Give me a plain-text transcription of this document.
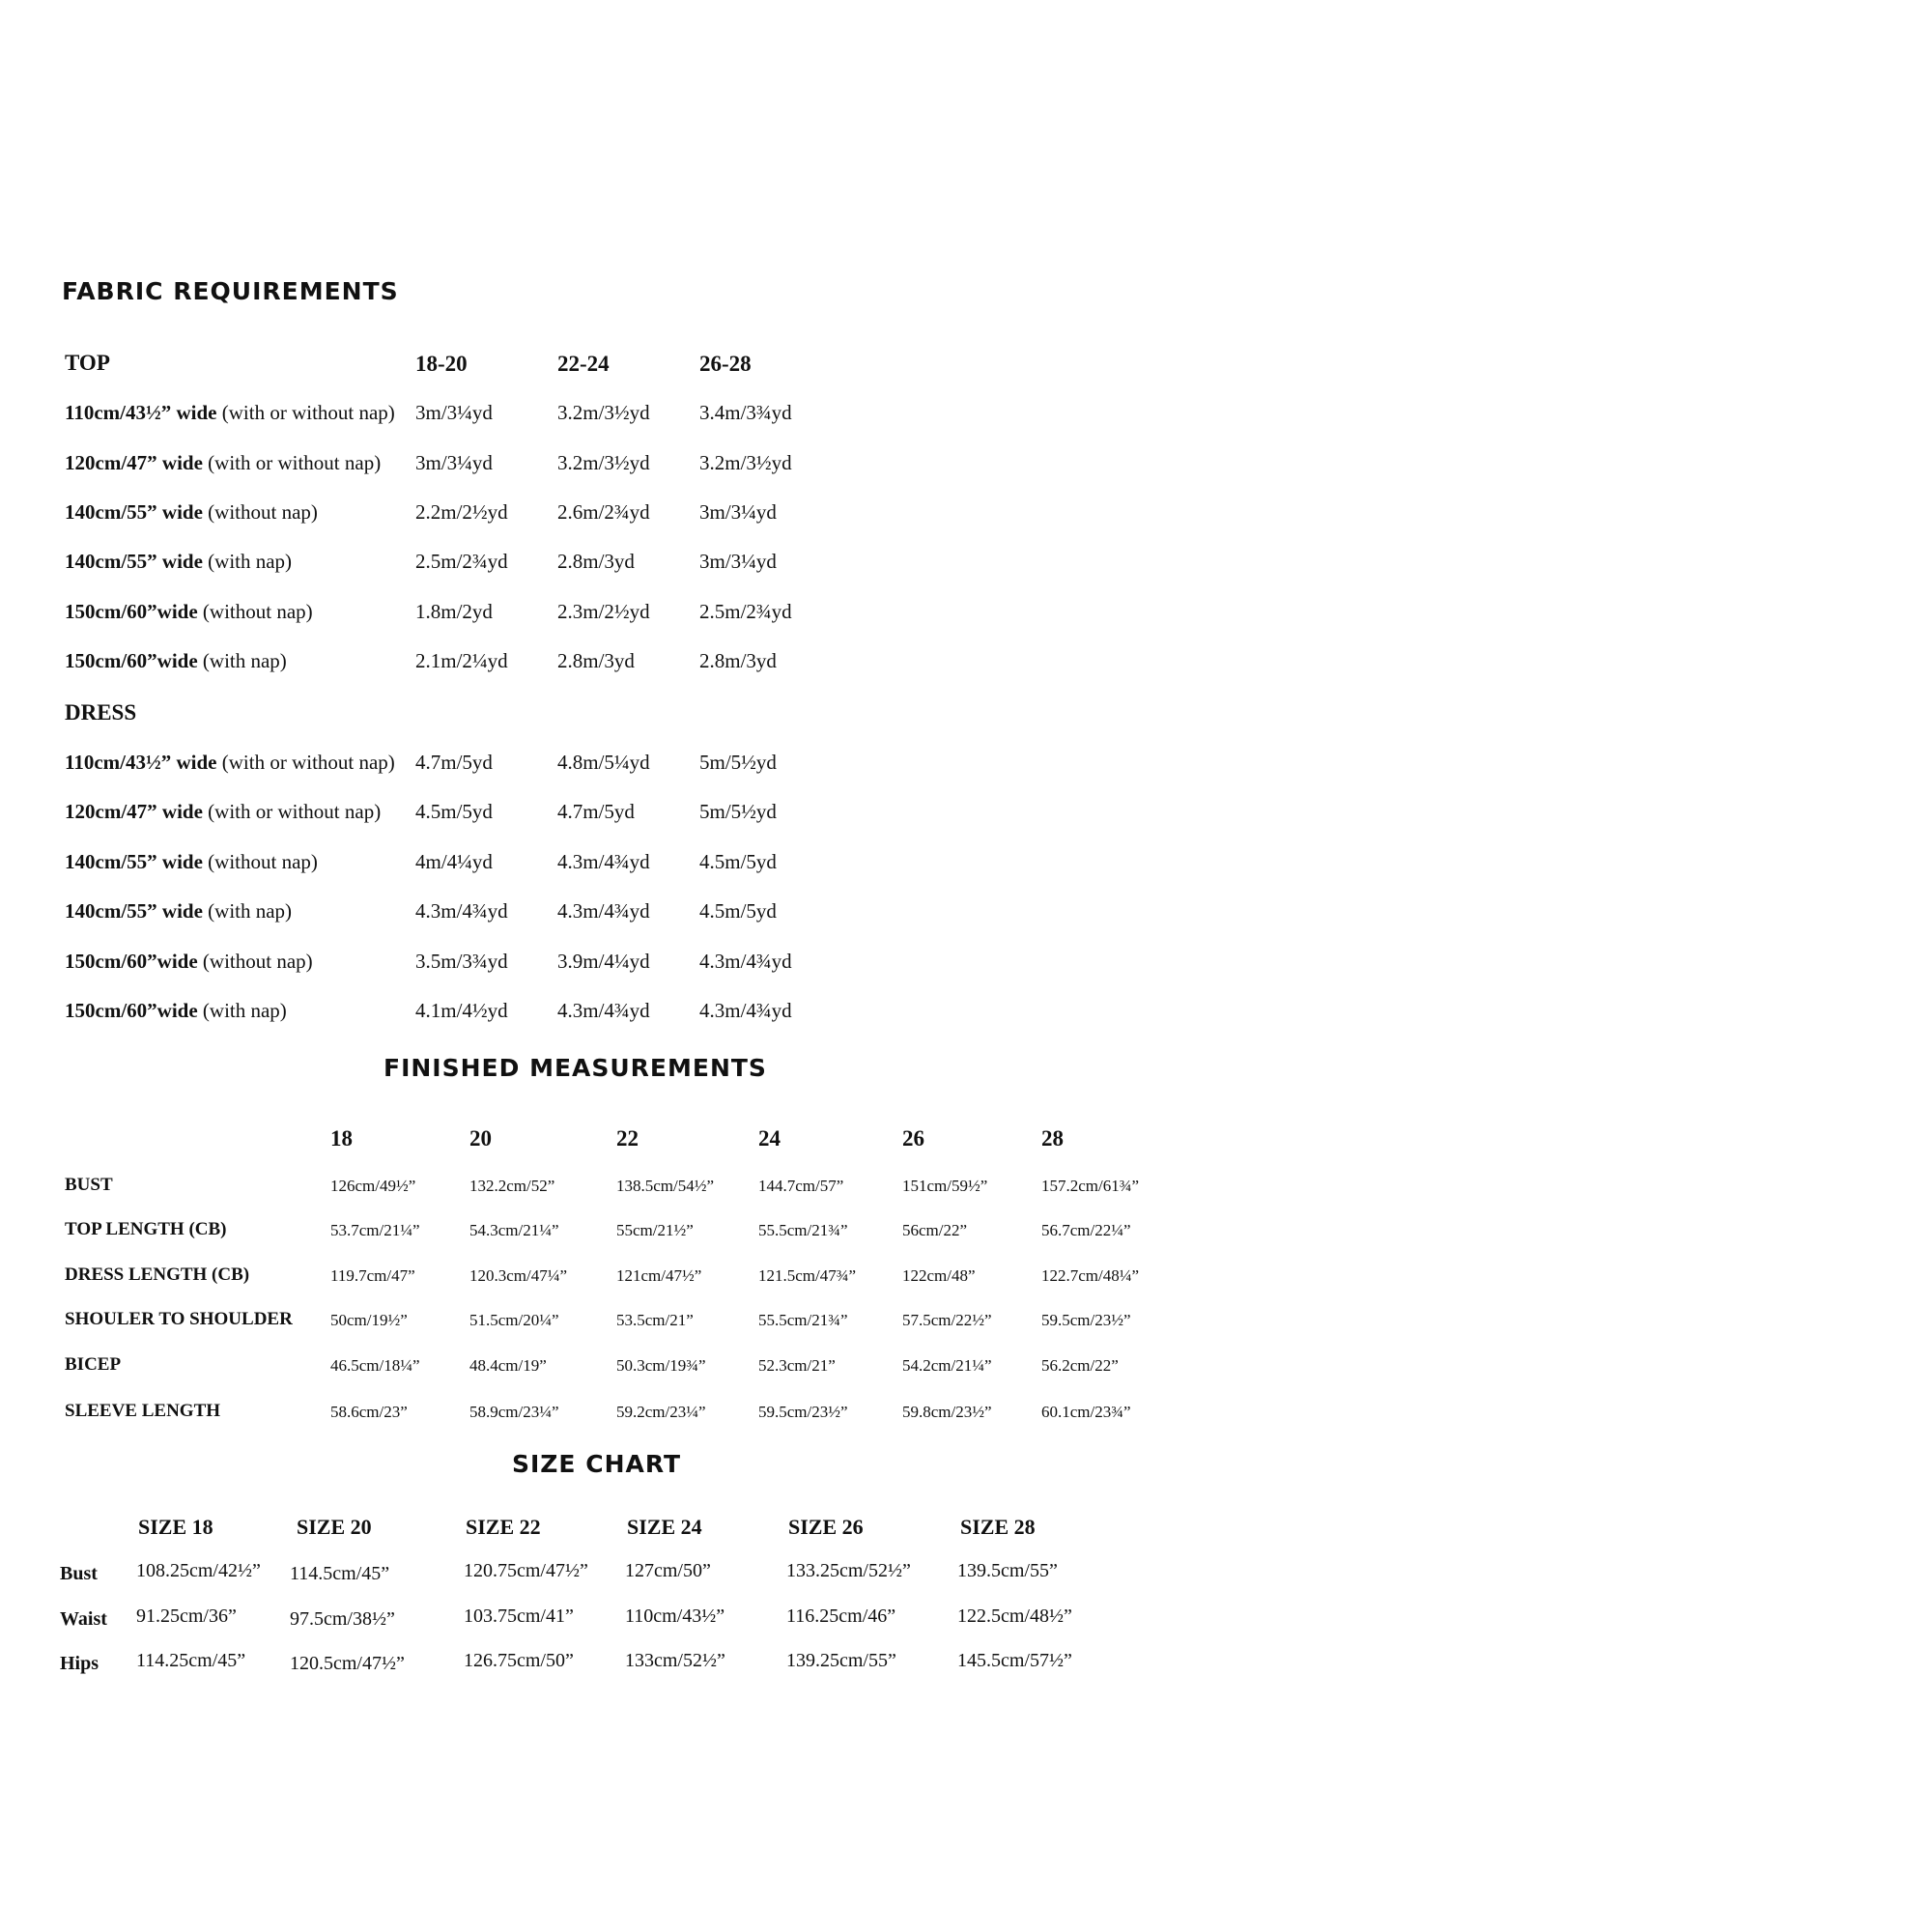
FABRIC REQUIREMENTS
TOP	18-20	22-24	26-28
110cm/43½” wide (with or without nap) 3m/3¼yd	3.2m/3½yd 3.4m/3¾yd
120cm/47” wide (with or without nap) 3m/3¼yd	3.2m/3½yd 3.2m/3½yd
140cm/55” wide (without nap)	2.2m/2½yd 2.6m/2¾yd 3m/3¼yd
140cm/55” wide (with nap)	2.5m/2¾yd 2.8m/3yd	3m/3¼yd
150cm/60”wide (without nap)	1.8m/2yd	2.3m/2½yd 2.5m/2¾yd
150cm/60”wide (with nap)	2.1m/2¼yd 2.8m/3yd	2.8m/3yd
DRESS
110cm/43½” wide (with or without nap) 4.7m/5yd	4.8m/5¼yd 5m/5½yd
120cm/47” wide (with or without nap) 4.5m/5yd	4.7m/5yd	5m/5½yd
140cm/55” wide (without nap)	4m/4¼yd	4.3m/4¾yd 4.5m/5yd
140cm/55” wide (with nap)	4.3m/4¾yd 4.3m/4¾yd 4.5m/5yd
150cm/60”wide (without nap)	3.5m/3¾yd 3.9m/4¼yd 4.3m/4¾yd
150cm/60”wide (with nap)	4.1m/4½yd 4.3m/4¾yd 4.3m/4¾yd
FINISHED MEASUREMENTS
18	20	22	24	26	28
BUST	126cm/49½”	132.2cm/52”	138.5cm/54½”	144.7cm/57”	151cm/59½”	157.2cm/61¾”
TOP LENGTH (CB)	53.7cm/21¼”	54.3cm/21¼”	55cm/21½”	55.5cm/21¾”	56cm/22”	56.7cm/22¼”
DRESS LENGTH (CB)	119.7cm/47”	120.3cm/47¼”	121cm/47½”	121.5cm/47¾”	122cm/48”	122.7cm/48¼”
SHOULER TO SHOULDER 50cm/19½”	51.5cm/20¼”	53.5cm/21”	55.5cm/21¾”	57.5cm/22½”	59.5cm/23½”
BICEP	46.5cm/18¼”	48.4cm/19”	50.3cm/19¾”	52.3cm/21”	54.2cm/21¼”	56.2cm/22”
SLEEVE LENGTH	58.6cm/23”	58.9cm/23¼”	59.2cm/23¼”	59.5cm/23½”	59.8cm/23½”	60.1cm/23¾”
SIZE CHART
SIZE 18	SIZE 20	SIZE 22	SIZE 24	SIZE 26	SIZE 28
Bust 108.25cm/42½” 114.5cm/45”	120.75cm/47½” 127cm/50”	133.25cm/52½” 139.5cm/55”
Waist 91.25cm/36”	97.5cm/38½”	103.75cm/41”	110cm/43½”	116.25cm/46”	122.5cm/48½”
Hips 114.25cm/45” 120.5cm/47½”	126.75cm/50”	133cm/52½”	139.25cm/55”	145.5cm/57½”
